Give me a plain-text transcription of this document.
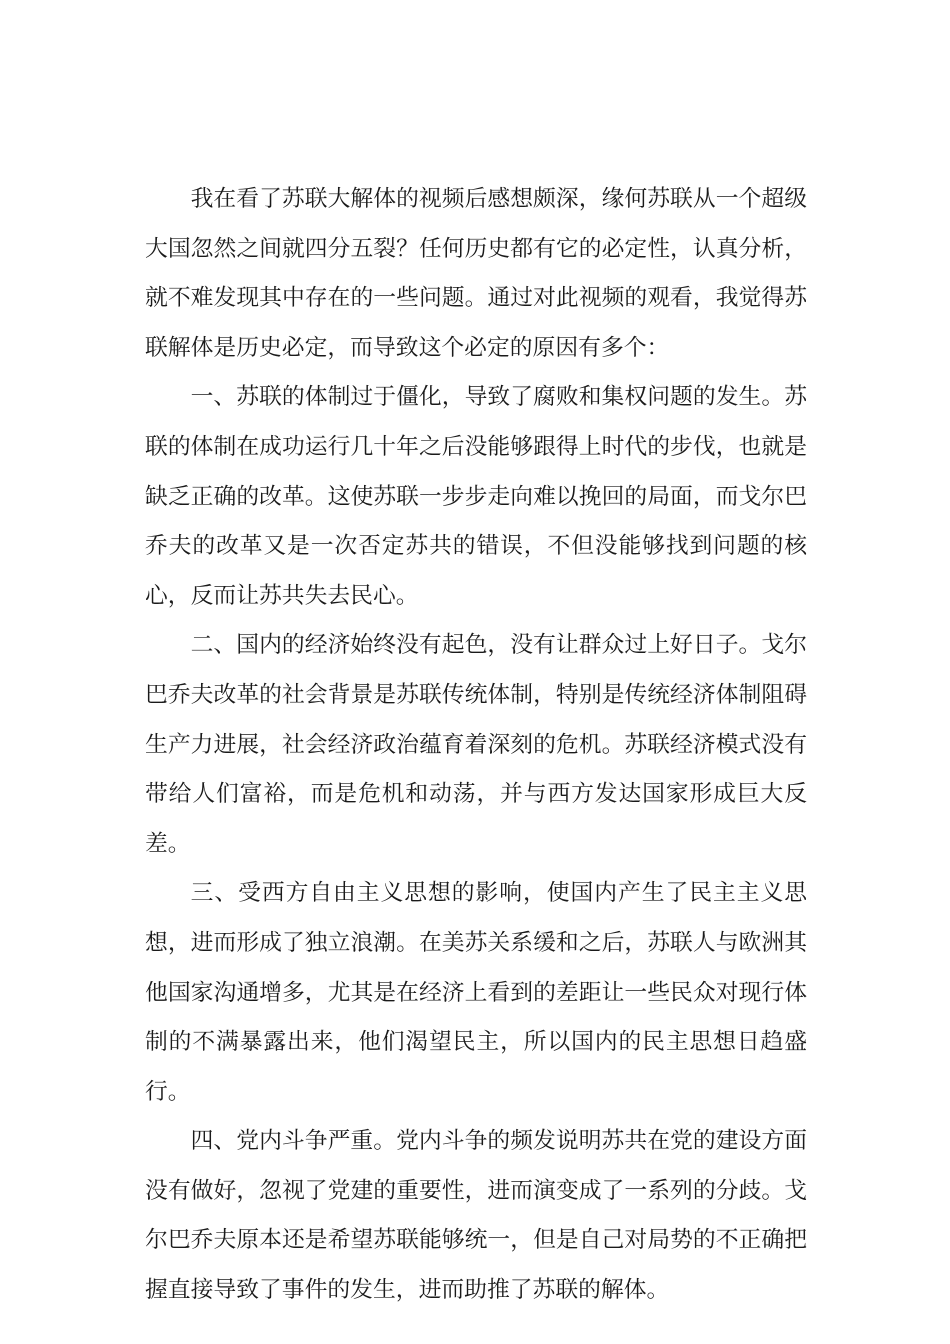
我在看了苏联大解体的视频后感想颇深，缘何苏联从一个超级大国忽然之间就四分五裂？任何历史都有它的必定性，认真分析，就不难发现其中存在的一些问题。通过对此视频的观看，我觉得苏联解体是历史必定，而导致这个必定的原因有多个：

一、苏联的体制过于僵化，导致了腐败和集权问题的发生。苏联的体制在成功运行几十年之后没能够跟得上时代的步伐，也就是缺乏正确的改革。这使苏联一步步走向难以挽回的局面，而戈尔巴乔夫的改革又是一次否定苏共的错误，不但没能够找到问题的核心，反而让苏共失去民心。

二、国内的经济始终没有起色，没有让群众过上好日子。戈尔巴乔夫改革的社会背景是苏联传统体制，特别是传统经济体制阻碍生产力进展，社会经济政治蕴育着深刻的危机。苏联经济模式没有带给人们富裕，而是危机和动荡，并与西方发达国家形成巨大反差。

三、受西方自由主义思想的影响，使国内产生了民主主义思想，进而形成了独立浪潮。在美苏关系缓和之后，苏联人与欧洲其他国家沟通增多，尤其是在经济上看到的差距让一些民众对现行体制的不满暴露出来，他们渴望民主，所以国内的民主思想日趋盛行。

四、党内斗争严重。党内斗争的频发说明苏共在党的建设方面没有做好，忽视了党建的重要性，进而演变成了一系列的分歧。戈尔巴乔夫原本还是希望苏联能够统一，但是自己对局势的不正确把握直接导致了事件的发生，进而助推了苏联的解体。
